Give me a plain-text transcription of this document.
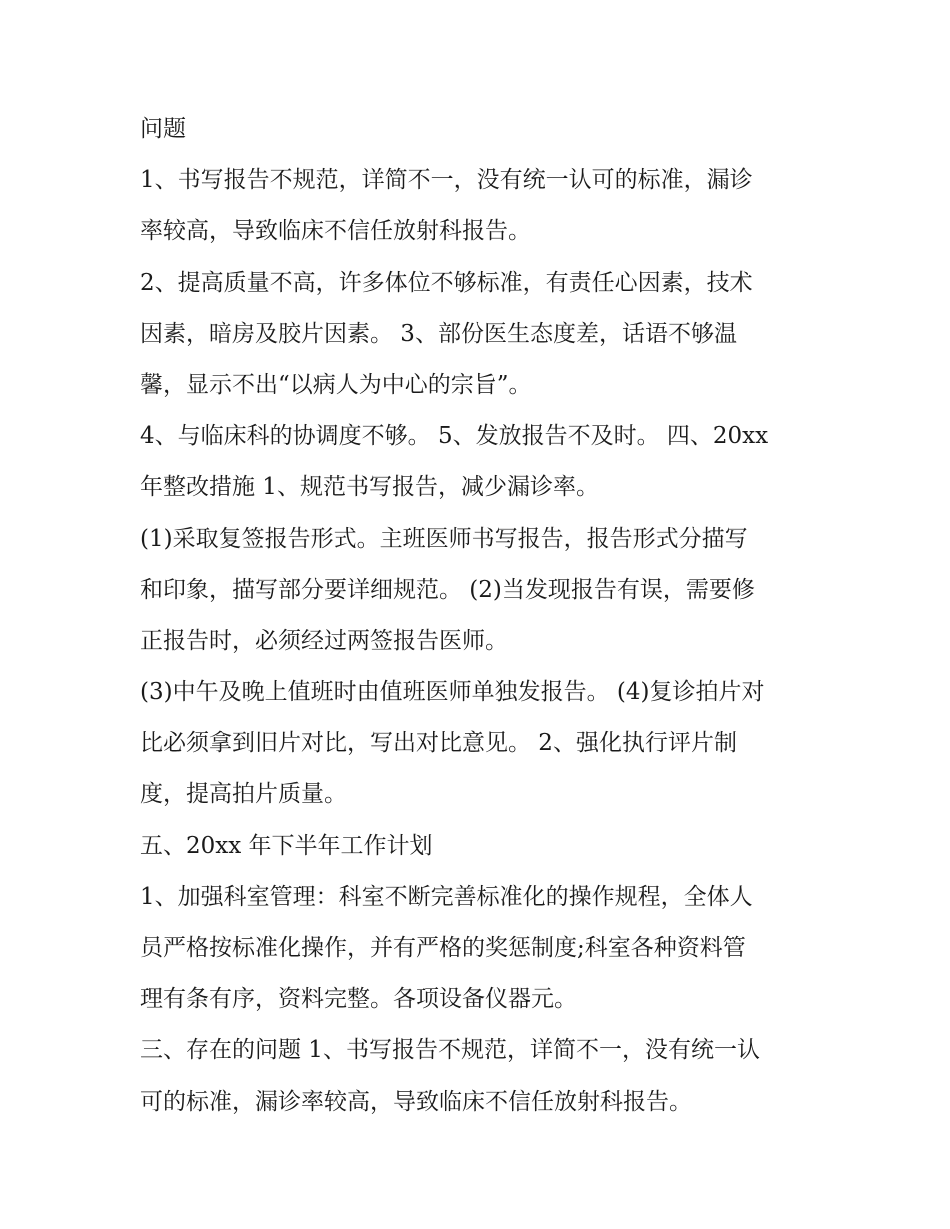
问题
1、书写报告不规范，详简不一，没有统一认可的标准，漏诊
率较高，导致临床不信任放射科报告。
2、提高质量不高，许多体位不够标准，有责任心因素，技术
因素，暗房及胶片因素。 3、部份医生态度差，话语不够温
馨，显示不出“以病人为中心的宗旨”。
4、与临床科的协调度不够。 5、发放报告不及时。 四、20xx
年整改措施 1、规范书写报告，减少漏诊率。
(1)采取复签报告形式。主班医师书写报告，报告形式分描写
和印象，描写部分要详细规范。 (2)当发现报告有误，需要修
正报告时，必须经过两签报告医师。
(3)中午及晚上值班时由值班医师单独发报告。 (4)复诊拍片对
比必须拿到旧片对比，写出对比意见。 2、强化执行评片制
度，提高拍片质量。
五、20xx 年下半年工作计划
1、加强科室管理：科室不断完善标准化的操作规程，全体人
员严格按标准化操作，并有严格的奖惩制度;科室各种资料管
理有条有序，资料完整。各项设备仪器元。
三、存在的问题 1、书写报告不规范，详简不一，没有统一认
可的标准，漏诊率较高，导致临床不信任放射科报告。
